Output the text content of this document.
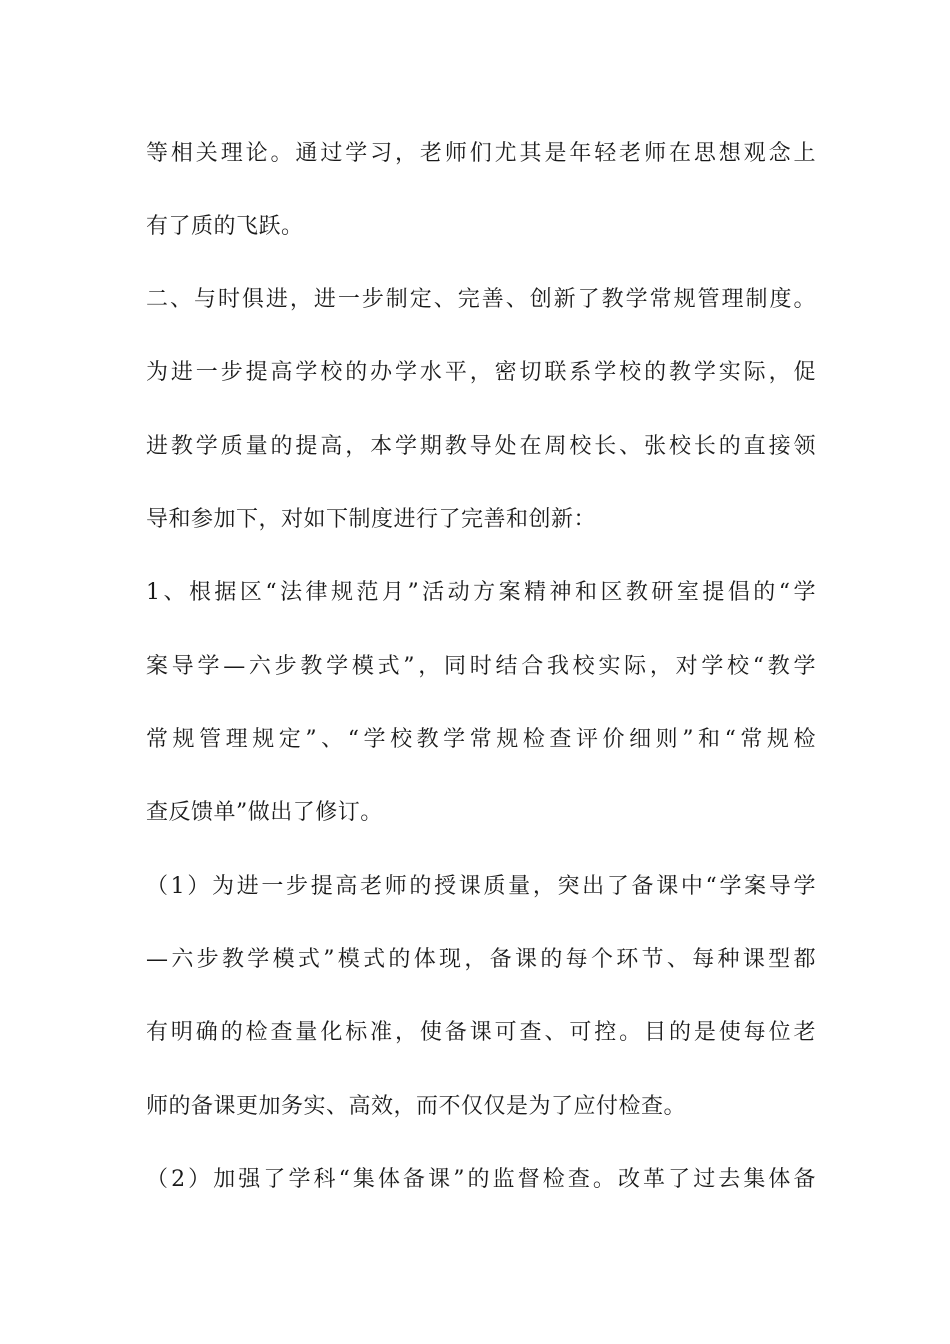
等相关理论。通过学习，老师们尤其是年轻老师在思想观念上
有了质的飞跃。
二、与时俱进，进一步制定、完善、创新了教学常规管理制度。
为进一步提高学校的办学水平，密切联系学校的教学实际，促
进教学质量的提高，本学期教导处在周校长、张校长的直接领
导和参加下，对如下制度进行了完善和创新：
1、根据区“法律规范月”活动方案精神和区教研室提倡的“学
案导学—六步教学模式”，同时结合我校实际，对学校“教学
常规管理规定”、“学校教学常规检查评价细则”和“常规检
查反馈单”做出了修订。
（1）为进一步提高老师的授课质量，突出了备课中“学案导学
—六步教学模式”模式的体现，备课的每个环节、每种课型都
有明确的检查量化标准，使备课可查、可控。目的是使每位老
师的备课更加务实、高效，而不仅仅是为了应付检查。
（2）加强了学科“集体备课”的监督检查。改革了过去集体备
